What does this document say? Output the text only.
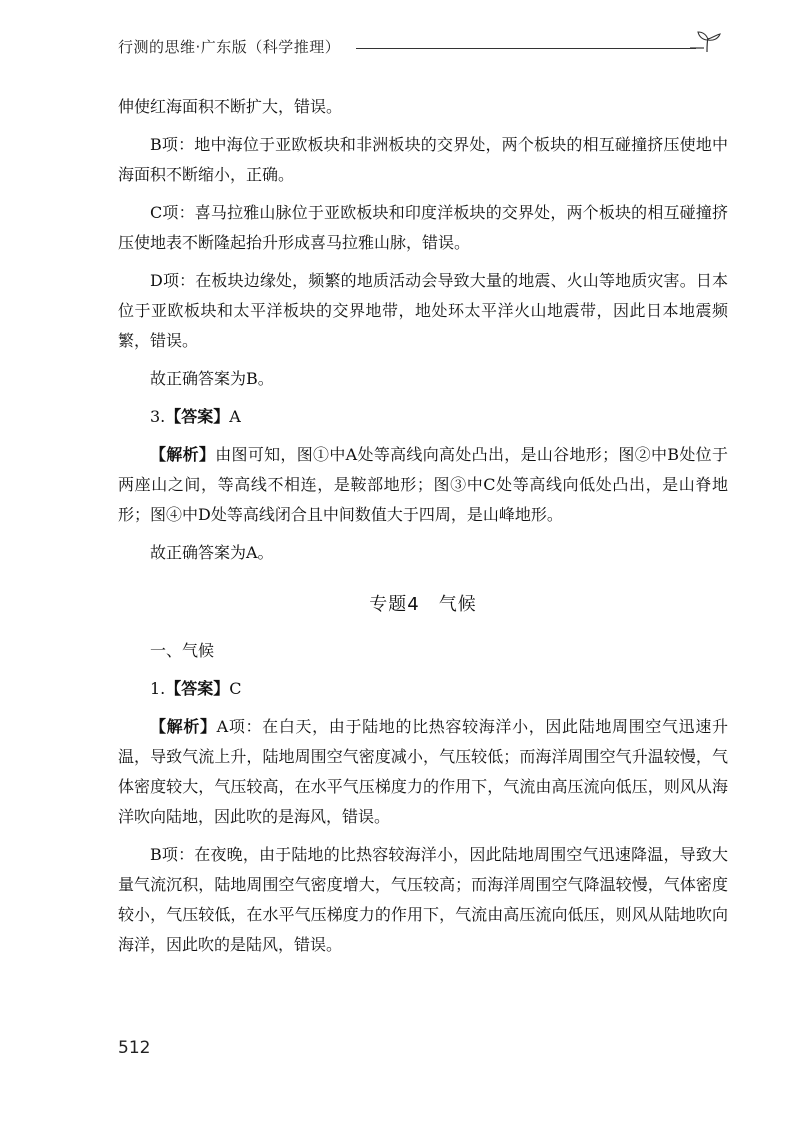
行测的思维·广东版（科学推理）

伸使红海面积不断扩大，错误。

B项：地中海位于亚欧板块和非洲板块的交界处，两个板块的相互碰撞挤压使地中海面积不断缩小，正确。

C项：喜马拉雅山脉位于亚欧板块和印度洋板块的交界处，两个板块的相互碰撞挤压使地表不断隆起抬升形成喜马拉雅山脉，错误。

D项：在板块边缘处，频繁的地质活动会导致大量的地震、火山等地质灾害。日本位于亚欧板块和太平洋板块的交界地带，地处环太平洋火山地震带，因此日本地震频繁，错误。

故正确答案为B。

3.【答案】A

【解析】由图可知，图①中A处等高线向高处凸出，是山谷地形；图②中B处位于两座山之间，等高线不相连，是鞍部地形；图③中C处等高线向低处凸出，是山脊地形；图④中D处等高线闭合且中间数值大于四周，是山峰地形。

故正确答案为A。

专题4　气候

一、气候

1.【答案】C

【解析】A项：在白天，由于陆地的比热容较海洋小，因此陆地周围空气迅速升温，导致气流上升，陆地周围空气密度减小，气压较低；而海洋周围空气升温较慢，气体密度较大，气压较高，在水平气压梯度力的作用下，气流由高压流向低压，则风从海洋吹向陆地，因此吹的是海风，错误。

B项：在夜晚，由于陆地的比热容较海洋小，因此陆地周围空气迅速降温，导致大量气流沉积，陆地周围空气密度增大，气压较高；而海洋周围空气降温较慢，气体密度较小，气压较低，在水平气压梯度力的作用下，气流由高压流向低压，则风从陆地吹向海洋，因此吹的是陆风，错误。

512
